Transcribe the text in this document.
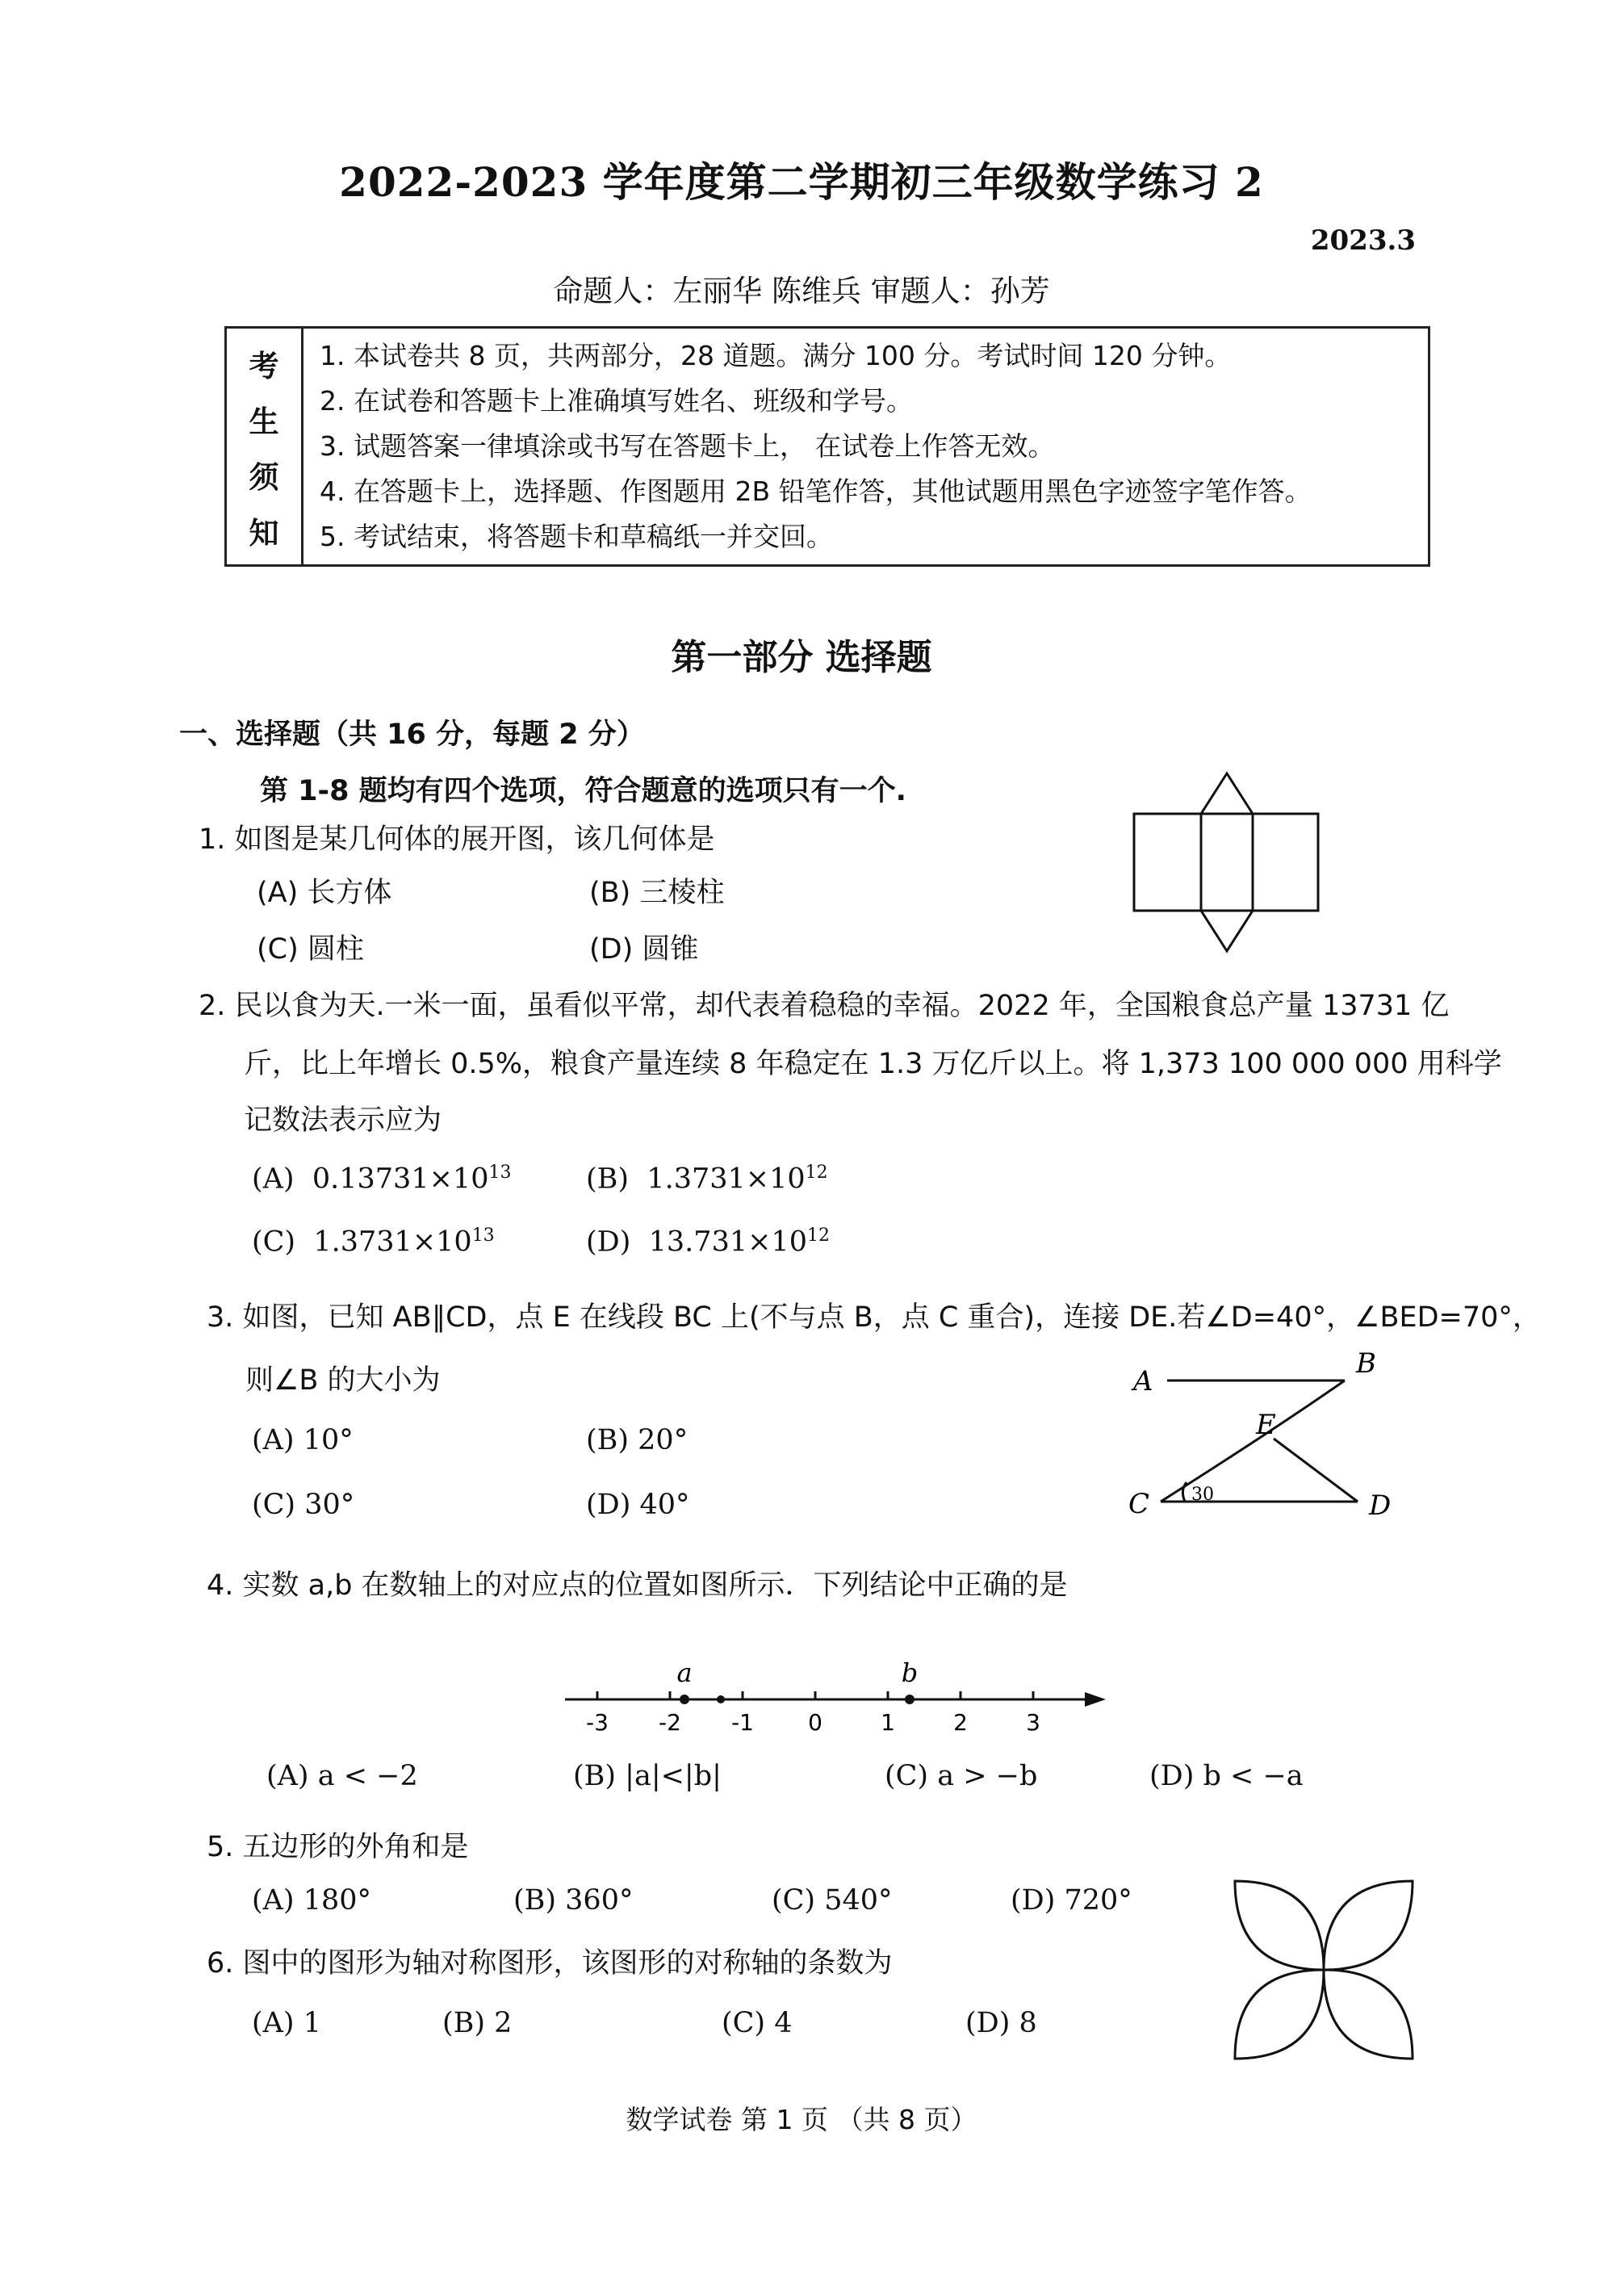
2022-2023 学年度第二学期初三年级数学练习 2
2023.3
命题人：左丽华 陈维兵 审题人：孙芳
考
生
须
知
1. 本试卷共 8 页，共两部分，28 道题。满分 100 分。考试时间 120 分钟。
2. 在试卷和答题卡上准确填写姓名、班级和学号。
3. 试题答案一律填涂或书写在答题卡上， 在试卷上作答无效。
4. 在答题卡上，选择题、作图题用 2B 铅笔作答，其他试题用黑色字迹签字笔作答。
5. 考试结束，将答题卡和草稿纸一并交回。
第一部分 选择题
一、选择题（共 16 分，每题 2 分）
第 1-8 题均有四个选项，符合题意的选项只有一个.
1. 如图是某几何体的展开图，该几何体是
(A) 长方体	(B) 三棱柱
(C) 圆柱	(D) 圆锥
2. 民以食为天.一米一面，虽看似平常，却代表着稳稳的幸福。2022 年，全国粮食总产量 13731 亿
斤，比上年增长 0.5%，粮食产量连续 8 年稳定在 1.3 万亿斤以上。将 1,373 100 000 000 用科学
记数法表示应为
(A) $0.13731\times 10^{13}$	(B) $1.3731\times 10^{12}$
(C) $1.3731\times 10^{13}$	(D) $13.731\times 10^{12}$
3. 如图，已知 AB∥CD，点 E 在线段 BC 上(不与点 B，点 C 重合)，连接 DE.若∠D=40°，∠BED=70°，
则∠B 的大小为
(A) 10°	(B) 20°
(C) 30°	(D) 40°
A
B
E
C	D
30
4. 实数 a,b 在数轴上的对应点的位置如图所示．下列结论中正确的是
-3 -2 -1 0	1	2	3
a	b
(A) a < −2	(B) |a|<|b|	(C) a > −b	(D) b < −a
5. 五边形的外角和是
(A) 180°	(B) 360°	(C) 540°	(D) 720°
6. 图中的图形为轴对称图形，该图形的对称轴的条数为
(A) 1	(B) 2	(C) 4	(D) 8
数学试卷 第 1 页 （共 8 页）
